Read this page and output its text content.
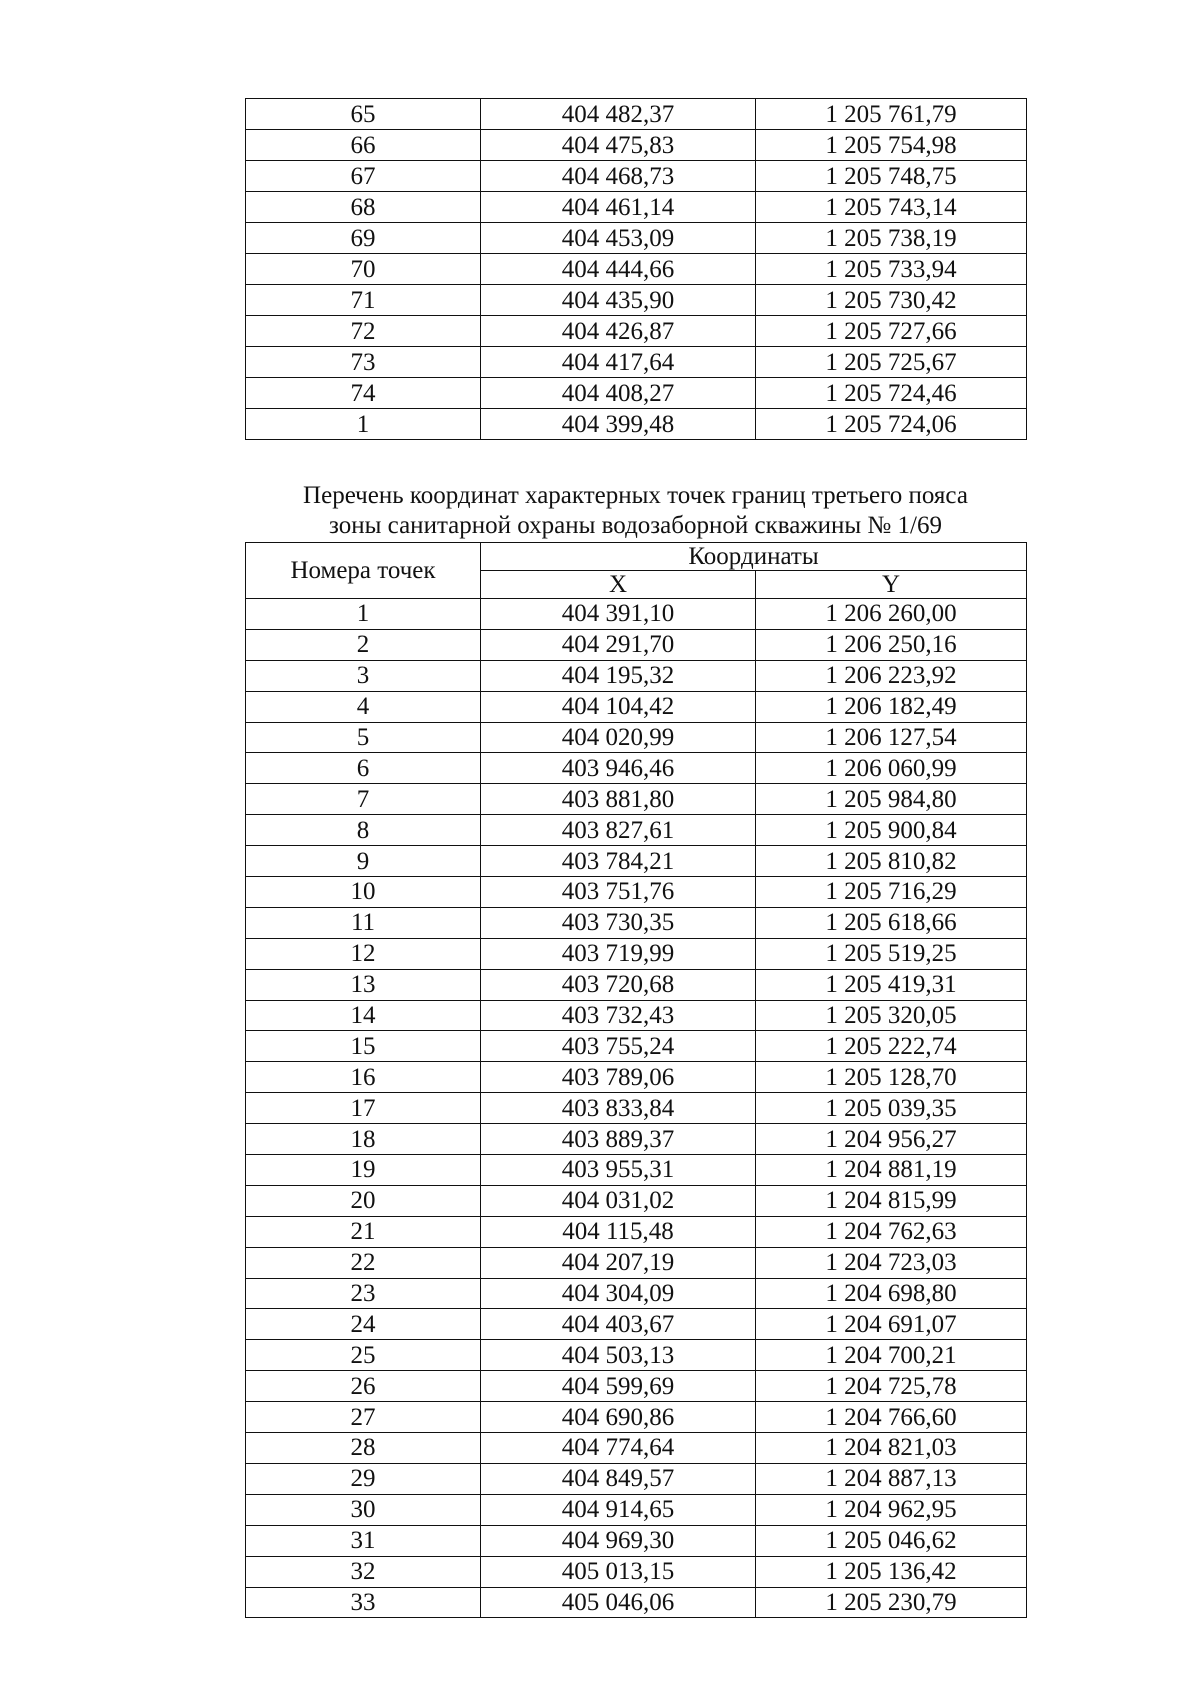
65	404 482,37	1 205 761,79
66	404 475,83	1 205 754,98
67	404 468,73	1 205 748,75
68	404 461,14	1 205 743,14
69	404 453,09	1 205 738,19
70	404 444,66	1 205 733,94
71	404 435,90	1 205 730,42
72	404 426,87	1 205 727,66
73	404 417,64	1 205 725,67
74	404 408,27	1 205 724,46
1	404 399,48	1 205 724,06
Перечень координат характерных точек границ третьего пояса
зоны санитарной охраны водозаборной скважины № 1/69
Номера точек	Координаты	
	X	Y
1	404 391,10	1 206 260,00
2	404 291,70	1 206 250,16
3	404 195,32	1 206 223,92
4	404 104,42	1 206 182,49
5	404 020,99	1 206 127,54
6	403 946,46	1 206 060,99
7	403 881,80	1 205 984,80
8	403 827,61	1 205 900,84
9	403 784,21	1 205 810,82
10	403 751,76	1 205 716,29
11	403 730,35	1 205 618,66
12	403 719,99	1 205 519,25
13	403 720,68	1 205 419,31
14	403 732,43	1 205 320,05
15	403 755,24	1 205 222,74
16	403 789,06	1 205 128,70
17	403 833,84	1 205 039,35
18	403 889,37	1 204 956,27
19	403 955,31	1 204 881,19
20	404 031,02	1 204 815,99
21	404 115,48	1 204 762,63
22	404 207,19	1 204 723,03
23	404 304,09	1 204 698,80
24	404 403,67	1 204 691,07
25	404 503,13	1 204 700,21
26	404 599,69	1 204 725,78
27	404 690,86	1 204 766,60
28	404 774,64	1 204 821,03
29	404 849,57	1 204 887,13
30	404 914,65	1 204 962,95
31	404 969,30	1 205 046,62
32	405 013,15	1 205 136,42
33	405 046,06	1 205 230,79
